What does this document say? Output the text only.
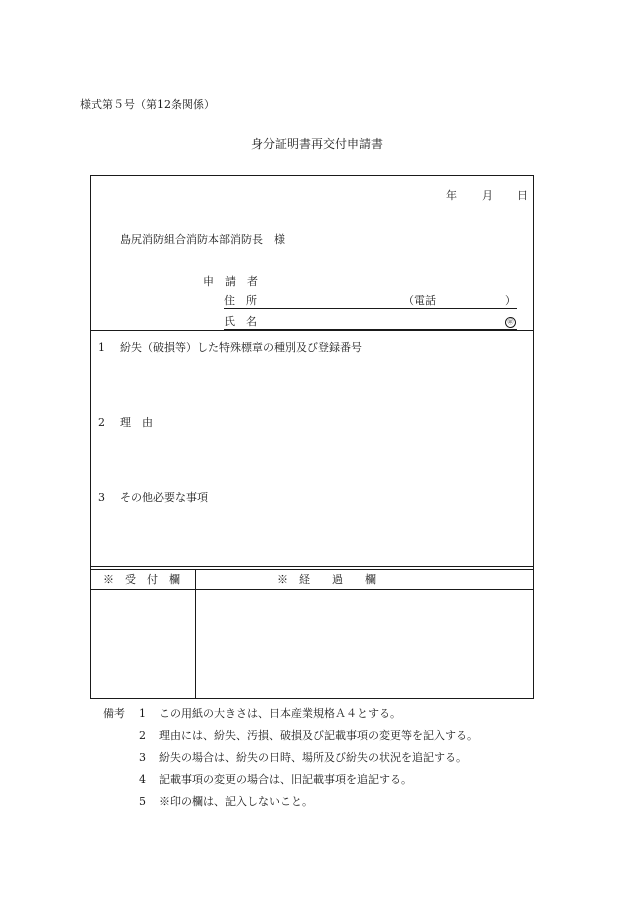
様式第５号（第12条関係）
身分証明書再交付申請書
年 月 日
島尻消防組合消防本部消防長　様
申　請　者
住　所	（電話	）
氏　名	㊞
1 紛失（破損等）した特殊標章の種別及び登録番号
2 理　由
3 その他必要な事項
※　受　付　欄	※　経　　過　　欄
備考	1	この用紙の大きさは、日本産業規格Ａ４とする。
2	理由には、紛失、汚損、破損及び記載事項の変更等を記入する。
3	紛失の場合は、紛失の日時、場所及び紛失の状況を追記する。
4	記載事項の変更の場合は、旧記載事項を追記する。
5	※印の欄は、記入しないこと。
